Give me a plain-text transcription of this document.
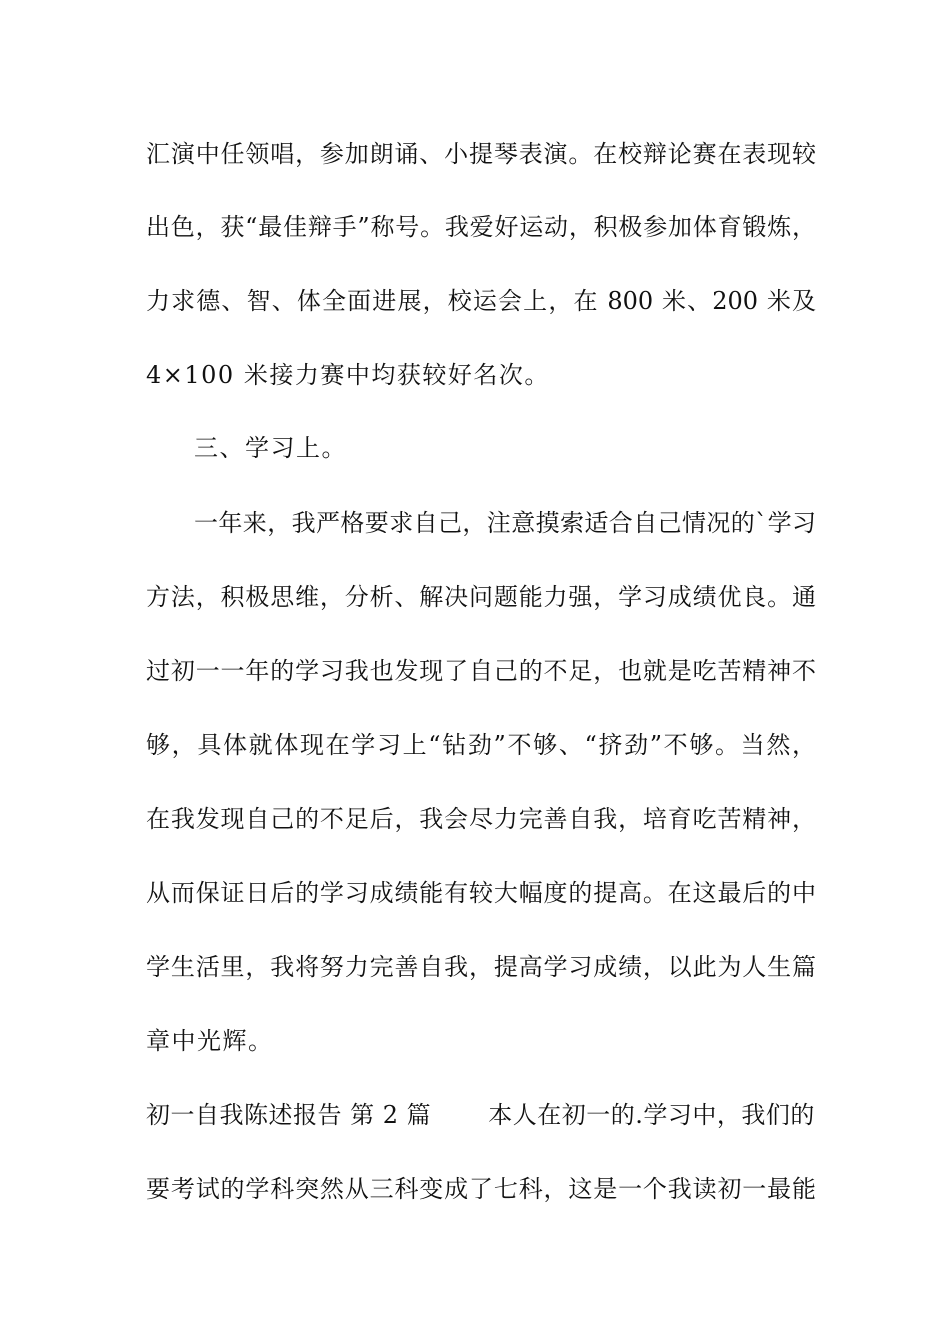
汇演中任领唱，参加朗诵、小提琴表演。在校辩论赛在表现较
出色，获“最佳辩手”称号。我爱好运动，积极参加体育锻炼，
力求德、智、体全面进展，校运会上，在 800 米、200 米及
4×100 米接力赛中均获较好名次。
三、学习上。
一年来，我严格要求自己，注意摸索适合自己情况的`学习
方法，积极思维，分析、解决问题能力强，学习成绩优良。通
过初一一年的学习我也发现了自己的不足，也就是吃苦精神不
够，具体就体现在学习上“钻劲”不够、“挤劲”不够。当然，
在我发现自己的不足后，我会尽力完善自我，培育吃苦精神，
从而保证日后的学习成绩能有较大幅度的提高。在这最后的中
学生活里，我将努力完善自我，提高学习成绩，以此为人生篇
章中光辉。
初一自我陈述报告 第 2 篇　　 本人在初一的.学习中，我们的
要考试的学科突然从三科变成了七科，这是一个我读初一最能
